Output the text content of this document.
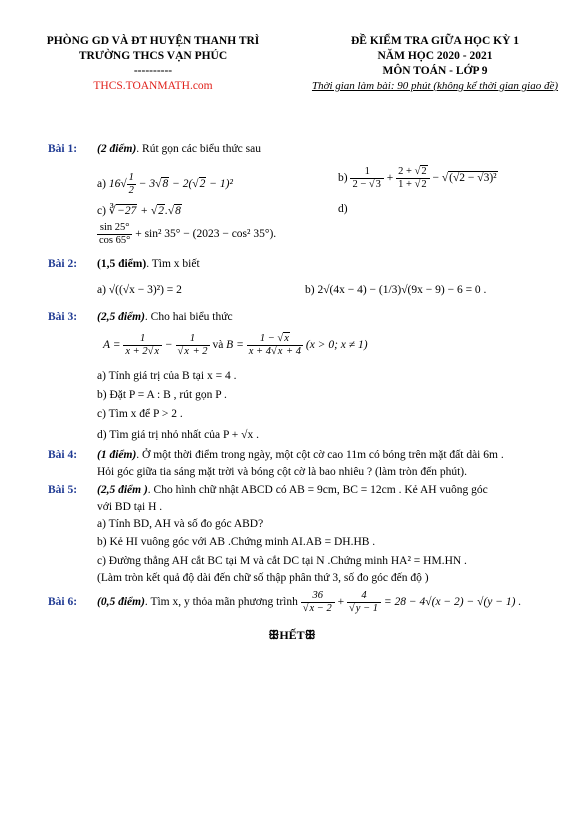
PHÒNG GD VÀ ĐT HUYỆN THANH TRÌ
TRƯỜNG THCS VẠN PHÚC
----------
THCS.TOANMATH.com
ĐỀ KIỂM TRA GIỮA HỌC KỲ 1
NĂM HỌC 2020 - 2021
MÔN TOÁN - LỚP 9
Thời gian làm bài: 90 phút (không kể thời gian giao đề)
Bài 1: (2 điểm). Rút gọn các biểu thức sau
a) $16√ \frac{1}{2} - 3√8 - 2(√2 - 1)^2$	$b) \frac{1}{2 - √3} + \frac{2 + √2}{1 + √2} - √(√2 - √3)^2$
c) ∛−27 + √2.√8	d)
$\frac{\sin 25^\circ}{\cos 65^\circ} + \sin^2$ 35° − (2023 − cos² 35°).
Bài 2: (1,5 điểm). Tìm x biết
a) √((√x − 3)²) = 2	b) 2√(4x − 4) − (1/3)√(9x − 9) − 6 = 0 .
Bài 3: (2,5 điểm). Cho hai biểu thức
$A = \frac{1}{x + 2√x} - \frac{1}{√x + 2}$ và $B = \frac{1 - √x}{x + 4√x + 4} (x > 0$; x ≠ 1)
a) Tính giá trị của B tại x = 4 .
b) Đặt P = A : B , rút gọn P .
c) Tìm x để P > 2 .
d) Tìm giá trị nhỏ nhất của P + √x .
Bài 4: (1 điểm). Ở một thời điểm trong ngày, một cột cờ cao 11m có bóng trên mặt đất dài 6m .
Hỏi góc giữa tia sáng mặt trời và bóng cột cờ là bao nhiêu ? (làm tròn đến phút).
Bài 5: (2,5 điểm ). Cho hình chữ nhật ABCD có AB = 9cm, BC = 12cm . Kẻ AH vuông góc
với BD tại H .
a) Tính BD, AH và số đo góc ABD?
b) Kẻ HI vuông góc với AB .Chứng minh AI.AB = DH.HB .
c) Đường thẳng AH cắt BC tại M và cắt DC tại N .Chứng minh HA² = HM.HN .
(Làm tròn kết quả độ dài đến chữ số thập phân thứ 3, số đo góc đến độ )
Bài 6: (0,5 điểm). Tìm x, y thỏa mãn phương trình $\frac{36}{√x - 2} + \frac{4}{√y - 1} = 28 - 4√(x - 2) - √(y - 1)$ .
ꕥHẾTꕥ
